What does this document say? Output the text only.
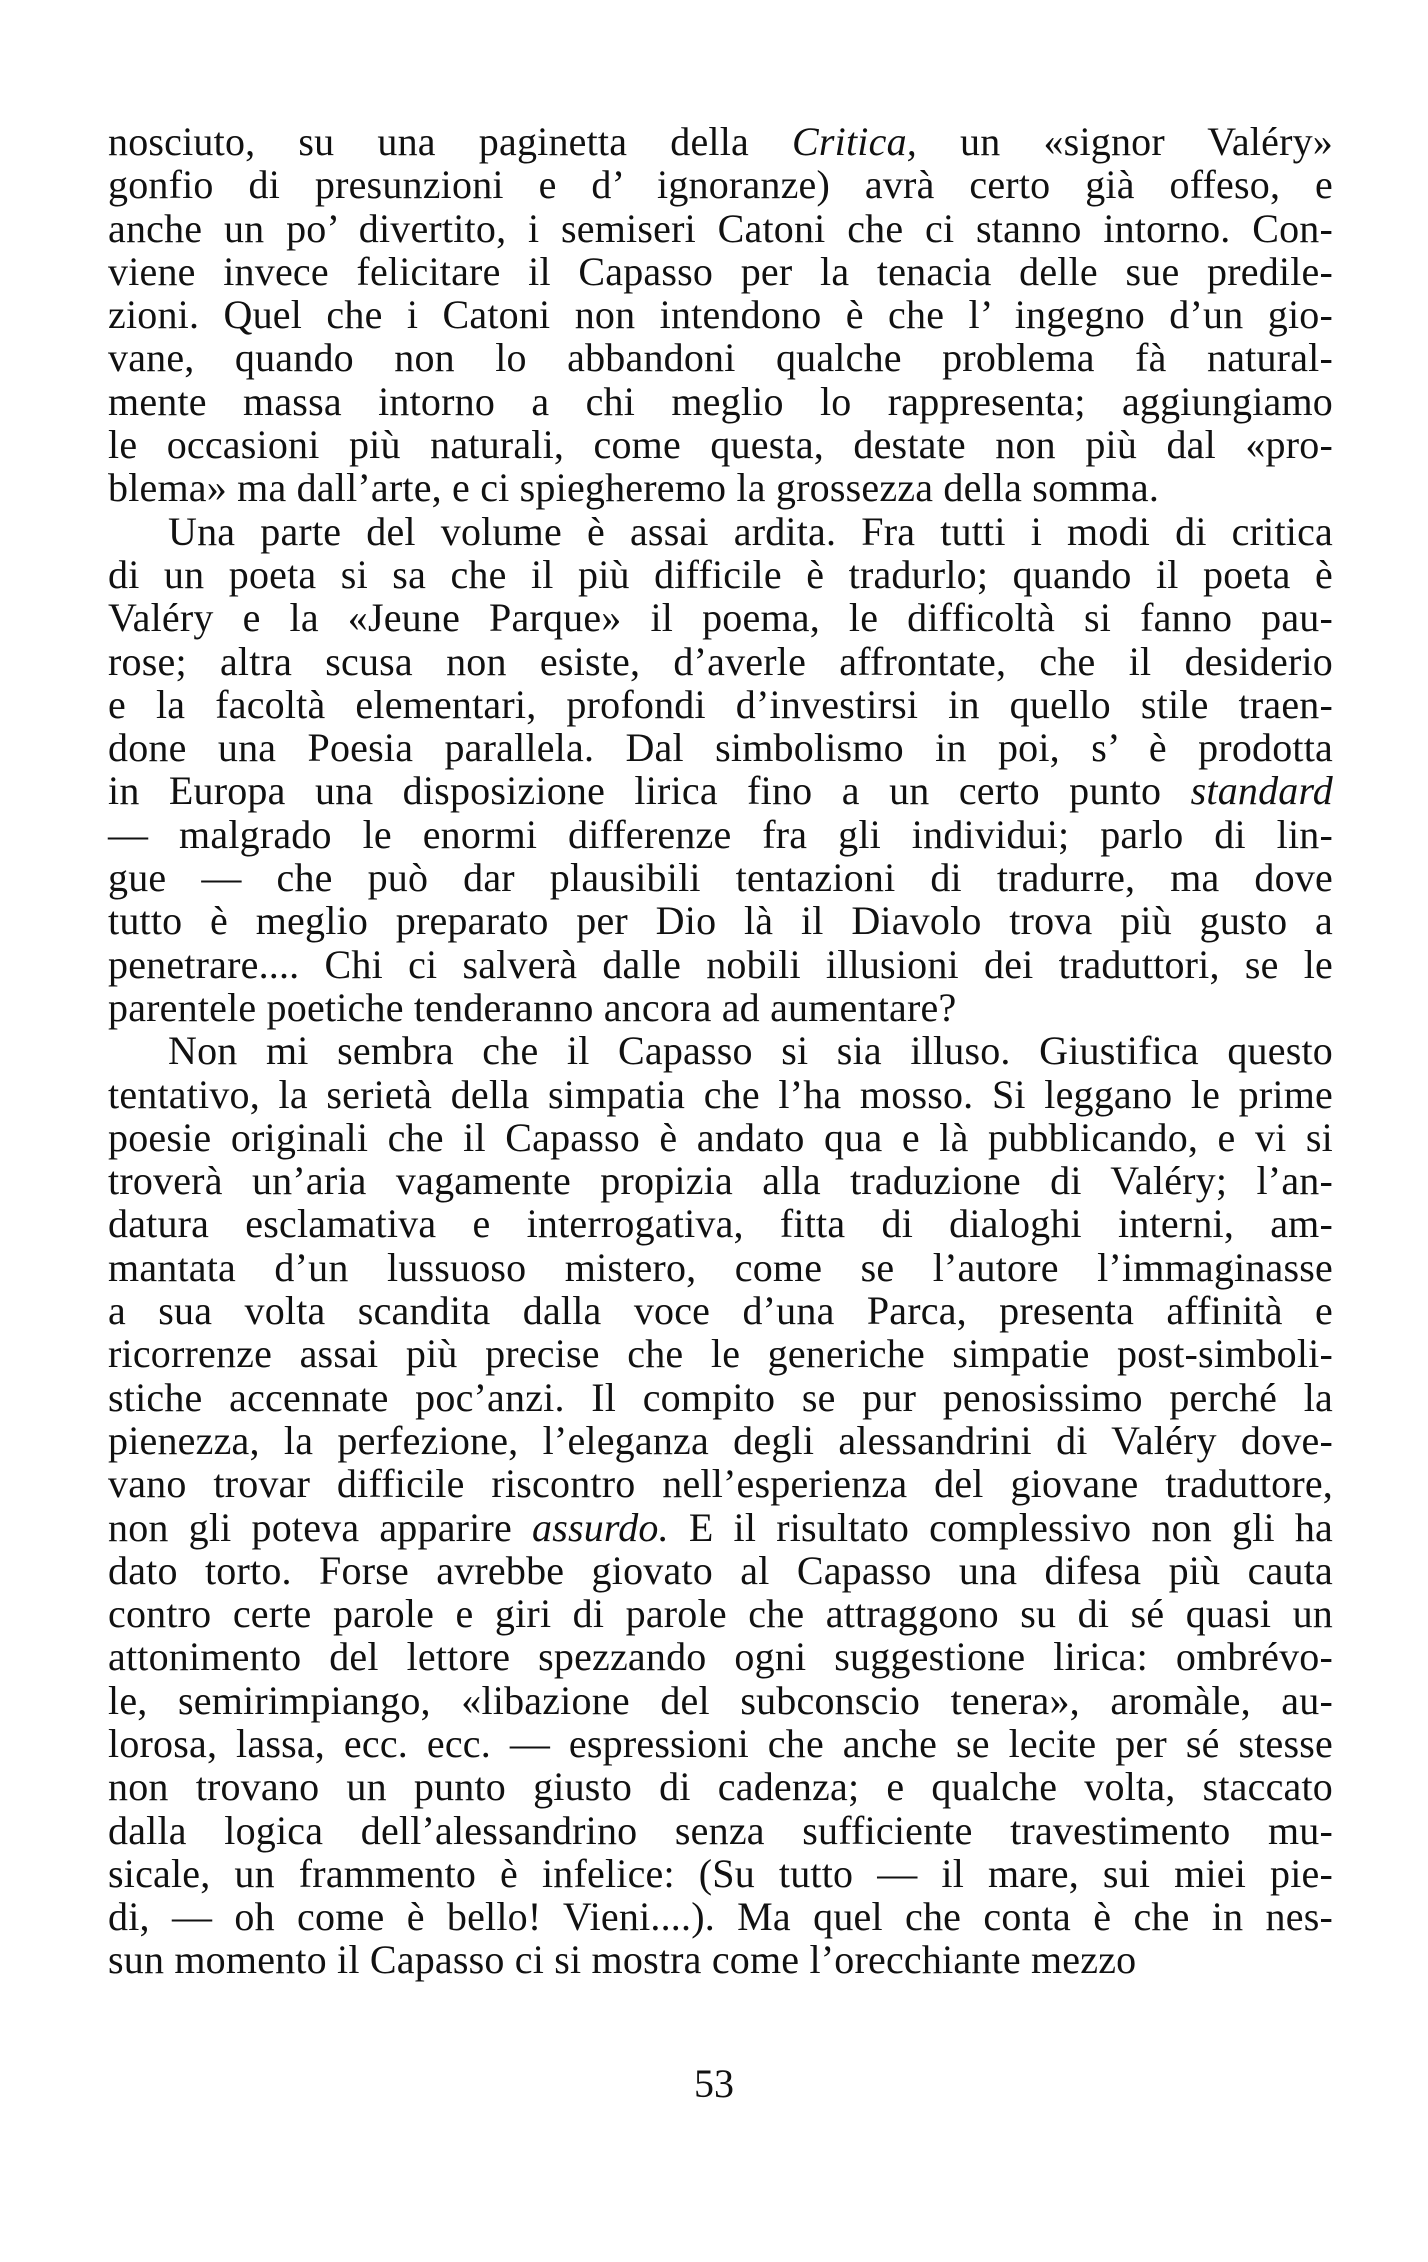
nosciuto, su una paginetta della Critica, un «signor Valéry»
gonfio di presunzioni e d’ ignoranze) avrà certo già offeso, e
anche un po’ divertito, i semiseri Catoni che ci stanno intorno. Con-
viene invece felicitare il Capasso per la tenacia delle sue predile-
zioni. Quel che i Catoni non intendono è che l’ ingegno d’un gio-
vane, quando non lo abbandoni qualche problema fà natural-
mente massa intorno a chi meglio lo rappresenta; aggiungiamo
le occasioni più naturali, come questa, destate non più dal «pro-
blema» ma dall’arte, e ci spiegheremo la grossezza della somma.
Una parte del volume è assai ardita. Fra tutti i modi di critica
di un poeta si sa che il più difficile è tradurlo; quando il poeta è
Valéry e la «Jeune Parque» il poema, le difficoltà si fanno pau-
rose; altra scusa non esiste, d’averle affrontate, che il desiderio
e la facoltà elementari, profondi d’investirsi in quello stile traen-
done una Poesia parallela. Dal simbolismo in poi, s’ è prodotta
in Europa una disposizione lirica fino a un certo punto standard
— malgrado le enormi differenze fra gli individui; parlo di lin-
gue — che può dar plausibili tentazioni di tradurre, ma dove
tutto è meglio preparato per Dio là il Diavolo trova più gusto a
penetrare.... Chi ci salverà dalle nobili illusioni dei traduttori, se le
parentele poetiche tenderanno ancora ad aumentare?
Non mi sembra che il Capasso si sia illuso. Giustifica questo
tentativo, la serietà della simpatia che l’ha mosso. Si leggano le prime
poesie originali che il Capasso è andato qua e là pubblicando, e vi si
troverà un’aria vagamente propizia alla traduzione di Valéry; l’an-
datura esclamativa e interrogativa, fitta di dialoghi interni, am-
mantata d’un lussuoso mistero, come se l’autore l’immaginasse
a sua volta scandita dalla voce d’una Parca, presenta affinità e
ricorrenze assai più precise che le generiche simpatie post-simboli-
stiche accennate poc’anzi. Il compito se pur penosissimo perché la
pienezza, la perfezione, l’eleganza degli alessandrini di Valéry dove-
vano trovar difficile riscontro nell’esperienza del giovane traduttore,
non gli poteva apparire assurdo. E il risultato complessivo non gli ha
dato torto. Forse avrebbe giovato al Capasso una difesa più cauta
contro certe parole e giri di parole che attraggono su di sé quasi un
attonimento del lettore spezzando ogni suggestione lirica: ombrévo-
le, semirimpiango, «libazione del subconscio tenera», aromàle, au-
lorosa, lassa, ecc. ecc. — espressioni che anche se lecite per sé stesse
non trovano un punto giusto di cadenza; e qualche volta, staccato
dalla logica dell’alessandrino senza sufficiente travestimento mu-
sicale, un frammento è infelice: (Su tutto — il mare, sui miei pie-
di, — oh come è bello! Vieni....). Ma quel che conta è che in nes-
sun momento il Capasso ci si mostra come l’orecchiante mezzo
53
